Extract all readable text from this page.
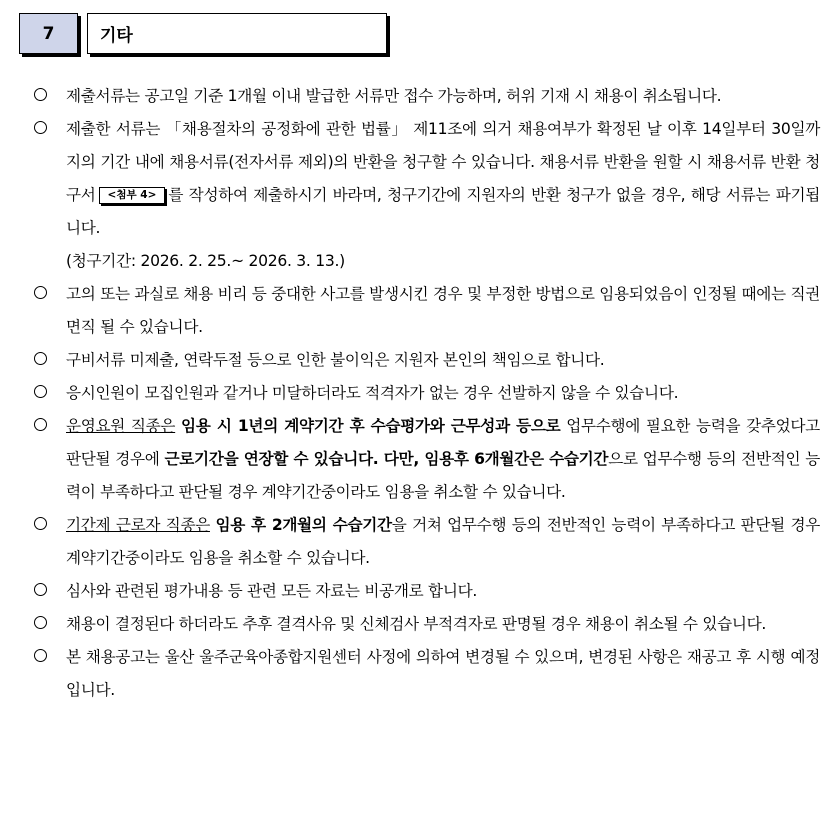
7	기타
제출서류는 공고일 기준 1개월 이내 발급한 서류만 접수 가능하며, 허위 기재 시 채용이 취소됩니다.
제출한 서류는 「채용절차의 공정화에 관한 법률」 제11조에 의거 채용여부가 확정된 날 이후 14일부터 30일까지의 기간 내에 채용서류(전자서류 제외)의 반환을 청구할 수 있습니다. 채용서류 반환을 원할 시 채용서류 반환 청구서 <첨부 4> 를 작성하여 제출하시기 바라며, 청구기간에 지원자의 반환 청구가 없을 경우, 해당 서류는 파기됩니다.
(청구기간: 2026. 2. 25.~ 2026. 3. 13.)
고의 또는 과실로 채용 비리 등 중대한 사고를 발생시킨 경우 및 부정한 방법으로 임용되었음이 인정될 때에는 직권면직 될 수 있습니다.
구비서류 미제출, 연락두절 등으로 인한 불이익은 지원자 본인의 책임으로 합니다.
응시인원이 모집인원과 같거나 미달하더라도 적격자가 없는 경우 선발하지 않을 수 있습니다.
운영요원 직종은 임용 시 1년의 계약기간 후 수습평가와 근무성과 등으로 업무수행에 필요한 능력을 갖추었다고 판단될 경우에 근로기간을 연장할 수 있습니다. 다만, 임용후 6개월간은 수습기간으로 업무수행 등의 전반적인 능력이 부족하다고 판단될 경우 계약기간중이라도 임용을 취소할 수 있습니다.
기간제 근로자 직종은 임용 후 2개월의 수습기간을 거쳐 업무수행 등의 전반적인 능력이 부족하다고 판단될 경우 계약기간중이라도 임용을 취소할 수 있습니다.
심사와 관련된 평가내용 등 관련 모든 자료는 비공개로 합니다.
채용이 결정된다 하더라도 추후 결격사유 및 신체검사 부적격자로 판명될 경우 채용이 취소될 수 있습니다.
본 채용공고는 울산 울주군육아종합지원센터 사정에 의하여 변경될 수 있으며, 변경된 사항은 재공고 후 시행 예정입니다.
